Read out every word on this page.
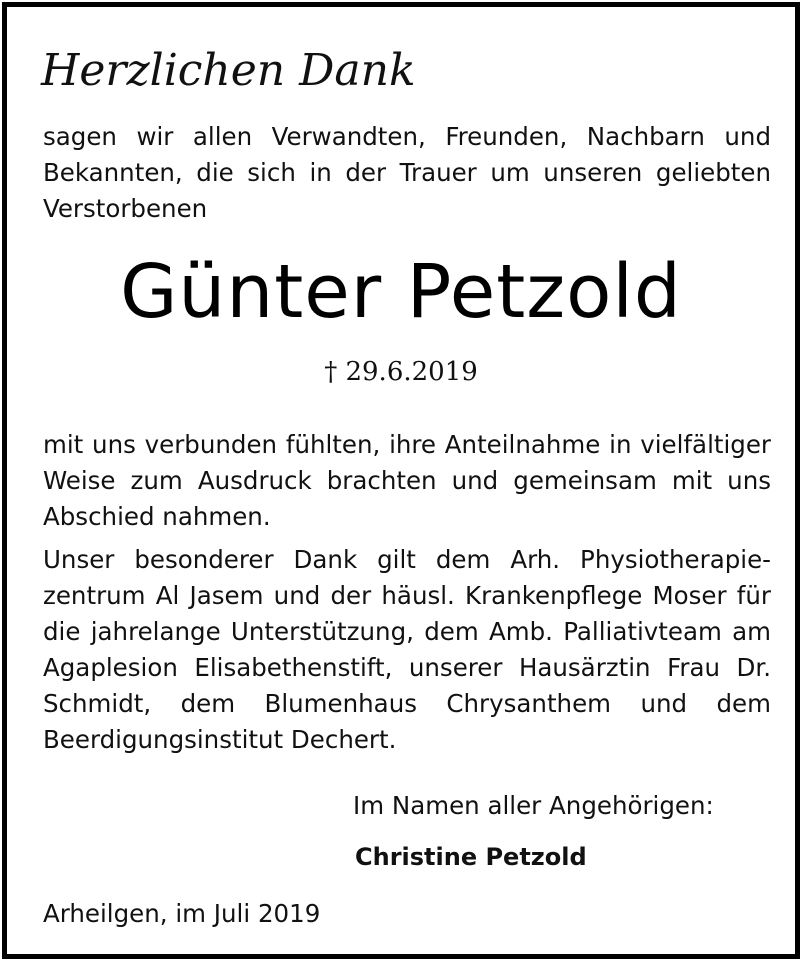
Herzlichen Dank

sagen wir allen Verwandten, Freunden, Nachbarn und Bekannten, die sich in der Trauer um unseren geliebten Verstorbenen

Günter Petzold
† 29.6.2019

mit uns verbunden fühlten, ihre Anteilnahme in vielfältiger Weise zum Ausdruck brachten und gemeinsam mit uns Abschied nahmen.

Unser besonderer Dank gilt dem Arh. Physiotherapiezentrum Al Jasem und der häusl. Krankenpflege Moser für die jahrelange Unterstützung, dem Amb. Palliativteam am Agaplesion Elisabethenstift, unserer Hausärztin Frau Dr. Schmidt, dem Blumenhaus Chrysanthem und dem Beerdigungsinstitut Dechert.

Im Namen aller Angehörigen:
Christine Petzold
Arheilgen, im Juli 2019
